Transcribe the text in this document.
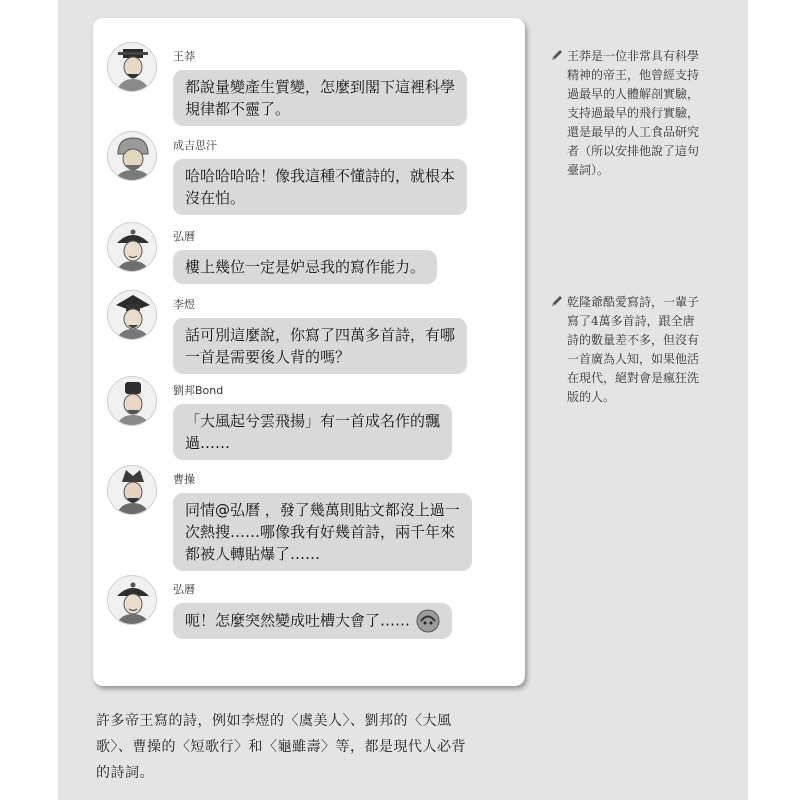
王莽
都說量變產生質變，怎麼到閣下這裡科學
規律都不靈了。
成吉思汗
哈哈哈哈哈！像我這種不懂詩的，就根本
沒在怕。
弘曆
樓上幾位一定是妒忌我的寫作能力。
李煜
話可別這麼說，你寫了四萬多首詩，有哪
一首是需要後人背的嗎？
劉邦Bond
「大風起兮雲飛揚」有一首成名作的飄
過……
曹操
同情@弘曆 ，發了幾萬則貼文都沒上過一
次熱搜……哪像我有好幾首詩，兩千年來
都被人轉貼爆了……
弘曆
呃！怎麼突然變成吐槽大會了……
王莽是一位非常具有科學
精神的帝王，他曾經支持
過最早的人體解剖實驗，
支持過最早的飛行實驗，
還是最早的人工食品研究
者（所以安排他說了這句
臺詞）。
乾隆爺酷愛寫詩，一輩子
寫了4萬多首詩，跟全唐
詩的數量差不多，但沒有
一首廣為人知，如果他活
在現代，絕對會是瘋狂洗
版的人。
許多帝王寫的詩，例如李煜的〈虞美人〉、劉邦的〈大風
歌〉、曹操的〈短歌行〉和〈龜雖壽〉等，都是現代人必背
的詩詞。
